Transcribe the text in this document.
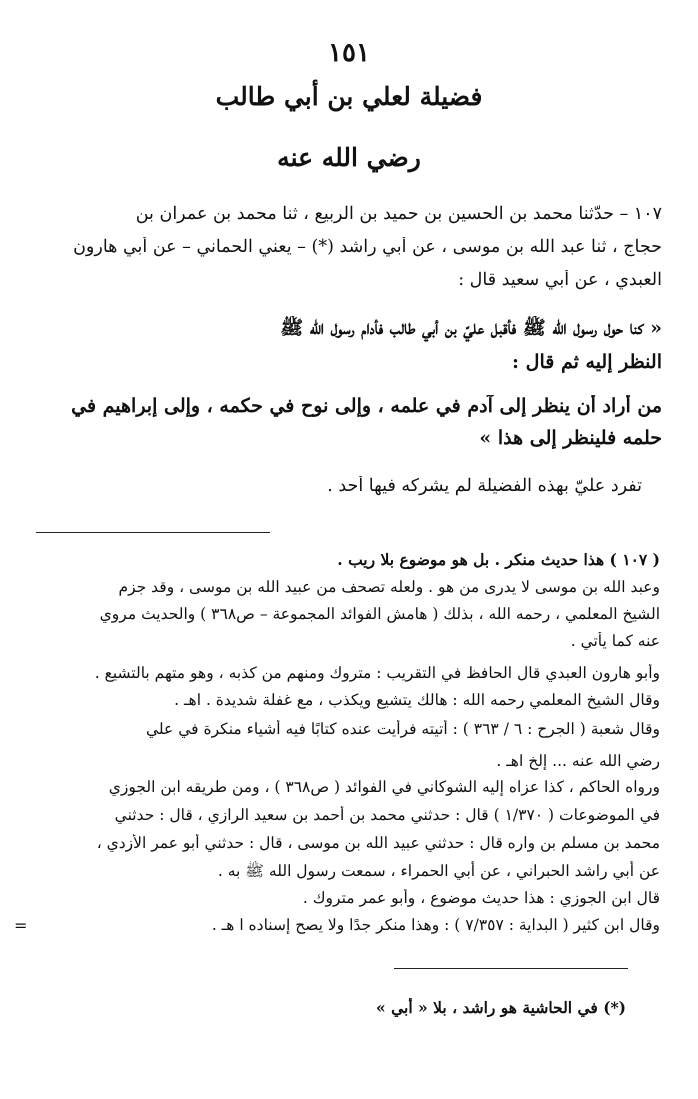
١٥١
فضيلة لعلي بن أبي طالب
رضي الله عنه
١٠٧ – حدّثنا محمد بن الحسين بن حميد بن الربيع ، ثنا محمد بن عمران بن
حجاج ، ثنا عبد الله بن موسى ، عن أبي راشد (*) – يعني الحماني – عن أبي هارون
العبدي ، عن أبي سعيد قال :
« كنا حول رسول الله ﷺ فأقبل عليّ بن أبي طالب فأدام رسول الله ﷺ
النظر إليه ثم قال :
من أراد أن ينظر إلى آدم في علمه ، وإلى نوح في حكمه ، وإلى إبراهيم في
حلمه فلينظر إلى هذا »
تفرد عليّ بهذه الفضيلة لم يشركه فيها أحد .
( ١٠٧ ) هذا حديث منكر . بل هو موضوع بلا ريب .
وعبد الله بن موسى لا يدرى من هو . ولعله تصحف من عبيد الله بن موسى ، وقد جزم
الشيخ المعلمي ، رحمه الله ، بذلك ( هامش الفوائد المجموعة – ص٣٦٨ ) والحديث مروي
عنه كما يأتي .
وأبو هارون العبدي قال الحافظ في التقريب : متروك ومنهم من كذبه ، وهو متهم بالتشيع .
وقال الشيخ المعلمي رحمه الله : هالك يتشيع ويكذب ، مع غفلة شديدة . اهـ .
وقال شعبة ( الجرح : ٦ / ٣٦٣ ) : أتيته فرأيت عنده كتابًا فيه أشياء منكرة في علي
رضي الله عنه ... إلخ اهـ .
ورواه الحاكم ، كذا عزاه إليه الشوكاني في الفوائد ( ص٣٦٨ ) ، ومن طريقه ابن الجوزي
في الموضوعات ( ١/٣٧٠ ) قال : حدثني محمد بن أحمد بن سعيد الرازي ، قال : حدثني
محمد بن مسلم بن واره قال : حدثني عبيد الله بن موسى ، قال : حدثني أبو عمر الأزدي ،
عن أبي راشد الحبراني ، عن أبي الحمراء ، سمعت رسول الله ﷺ به .
قال ابن الجوزي : هذا حديث موضوع ، وأبو عمر متروك .
وقال ابن كثير ( البداية : ٧/٣٥٧ ) : وهذا منكر جدًا ولا يصح إسناده ا هـ .
=
(*) في الحاشية هو راشد ، بلا « أبي »
